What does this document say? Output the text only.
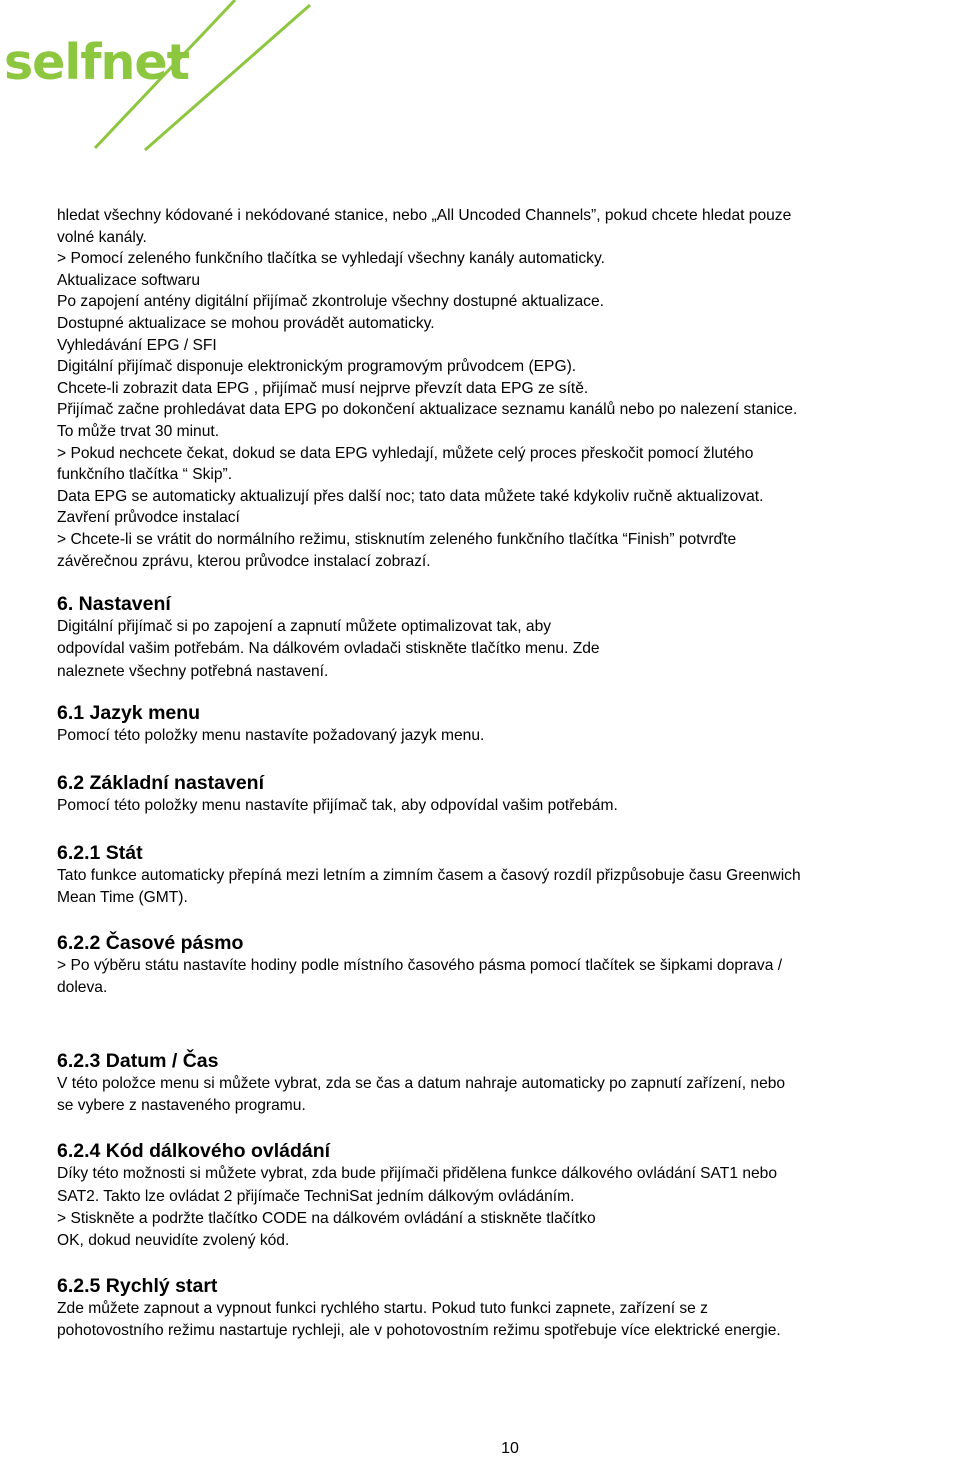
selfnet

hledat všechny kódované i nekódované stanice, nebo „All Uncoded Channels”, pokud chcete hledat pouze

volné kanály.

> Pomocí zeleného funkčního tlačítka se vyhledají všechny kanály automaticky.

Aktualizace softwaru

Po zapojení antény digitální přijímač zkontroluje všechny dostupné aktualizace.

Dostupné aktualizace se mohou provádět automaticky.

Vyhledávání EPG / SFI

Digitální přijímač disponuje elektronickým programovým průvodcem (EPG).

Chcete-li zobrazit data EPG , přijímač musí nejprve převzít data EPG ze sítě.

Přijímač začne prohledávat data EPG po dokončení aktualizace seznamu kanálů nebo po nalezení stanice.

To může trvat 30 minut.

> Pokud nechcete čekat, dokud se data EPG vyhledají, můžete celý proces přeskočit pomocí žlutého

funkčního tlačítka “ Skip”.

Data EPG se automaticky aktualizují přes další noc; tato data můžete také kdykoliv ručně aktualizovat.

Zavření průvodce instalací

> Chcete-li se vrátit do normálního režimu, stisknutím zeleného funkčního tlačítka “Finish” potvrďte

závěrečnou zprávu, kterou průvodce instalací zobrazí.

6. Nastavení

Digitální přijímač si po zapojení a zapnutí můžete optimalizovat tak, aby

odpovídal vašim potřebám. Na dálkovém ovladači stiskněte tlačítko menu. Zde

naleznete všechny potřebná nastavení.

6.1 Jazyk menu

Pomocí této položky menu nastavíte požadovaný jazyk menu.

6.2 Základní nastavení

Pomocí této položky menu nastavíte přijímač tak, aby odpovídal vašim potřebám.

6.2.1 Stát

Tato funkce automaticky přepíná mezi letním a zimním časem a časový rozdíl přizpůsobuje času Greenwich

Mean Time (GMT).

6.2.2 Časové pásmo

> Po výběru státu nastavíte hodiny podle místního časového pásma pomocí tlačítek se šipkami doprava /

doleva.

6.2.3 Datum / Čas

V této položce menu si můžete vybrat, zda se čas a datum nahraje automaticky po zapnutí zařízení, nebo

se vybere z nastaveného programu.

6.2.4 Kód dálkového ovládání

Díky této možnosti si můžete vybrat, zda bude přijímači přidělena funkce dálkového ovládání SAT1 nebo

SAT2. Takto lze ovládat 2 přijímače TechniSat jedním dálkovým ovládáním.

> Stiskněte a podržte tlačítko CODE na dálkovém ovládání a stiskněte tlačítko

OK, dokud neuvidíte zvolený kód.

6.2.5 Rychlý start

Zde můžete zapnout a vypnout funkci rychlého startu. Pokud tuto funkci zapnete, zařízení se z

pohotovostního režimu nastartuje rychleji, ale v pohotovostním režimu spotřebuje více elektrické energie.

10
